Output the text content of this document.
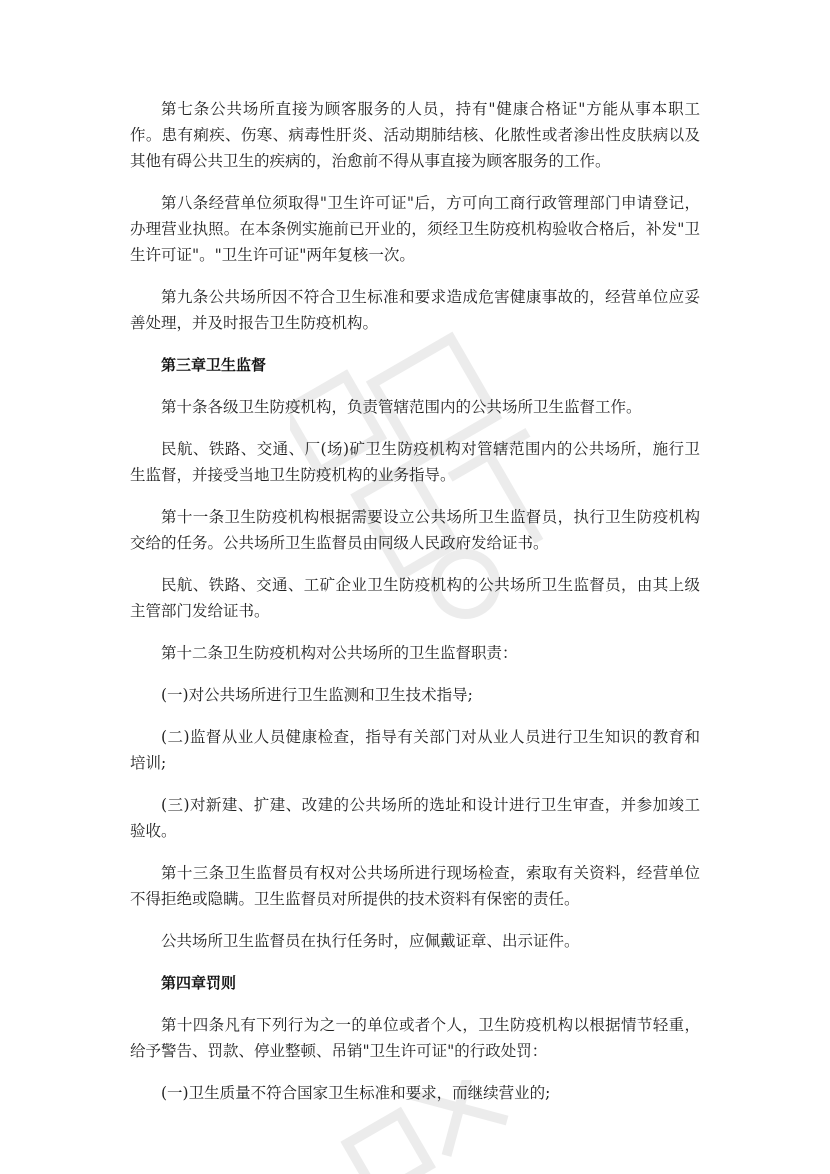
第七条公共场所直接为顾客服务的人员，持有"健康合格证"方能从事本职工作。患有痢疾、伤寒、病毒性肝炎、活动期肺结核、化脓性或者渗出性皮肤病以及其他有碍公共卫生的疾病的，治愈前不得从事直接为顾客服务的工作。

第八条经营单位须取得"卫生许可证"后，方可向工商行政管理部门申请登记，办理营业执照。在本条例实施前已开业的，须经卫生防疫机构验收合格后，补发"卫生许可证"。"卫生许可证"两年复核一次。

第九条公共场所因不符合卫生标准和要求造成危害健康事故的，经营单位应妥善处理，并及时报告卫生防疫机构。

第三章卫生监督

第十条各级卫生防疫机构，负责管辖范围内的公共场所卫生监督工作。

民航、铁路、交通、厂(场)矿卫生防疫机构对管辖范围内的公共场所，施行卫生监督，并接受当地卫生防疫机构的业务指导。

第十一条卫生防疫机构根据需要设立公共场所卫生监督员，执行卫生防疫机构交给的任务。公共场所卫生监督员由同级人民政府发给证书。

民航、铁路、交通、工矿企业卫生防疫机构的公共场所卫生监督员，由其上级主管部门发给证书。

第十二条卫生防疫机构对公共场所的卫生监督职责：

(一)对公共场所进行卫生监测和卫生技术指导;

(二)监督从业人员健康检查，指导有关部门对从业人员进行卫生知识的教育和培训;

(三)对新建、扩建、改建的公共场所的选址和设计进行卫生审查，并参加竣工验收。

第十三条卫生监督员有权对公共场所进行现场检查，索取有关资料，经营单位不得拒绝或隐瞒。卫生监督员对所提供的技术资料有保密的责任。

公共场所卫生监督员在执行任务时，应佩戴证章、出示证件。

第四章罚则

第十四条凡有下列行为之一的单位或者个人，卫生防疫机构以根据情节轻重，给予警告、罚款、停业整顿、吊销"卫生许可证"的行政处罚：

(一)卫生质量不符合国家卫生标准和要求，而继续营业的;
